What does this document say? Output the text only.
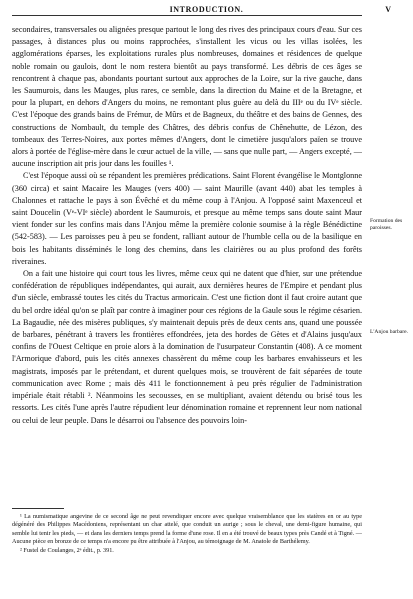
INTRODUCTION.	V

secondaires, transversales ou alignées presque partout le long des rives des principaux cours d'eau. Sur ces passages, à distances plus ou moins rapprochées, s'installent les vicus ou les villas isolées, les agglomérations éparses, les exploitations rurales plus nombreuses, domaines et résidences de quelque noble romain ou gaulois, dont le nom restera bientôt au pays transformé. Les débris de ces âges se rencontrent à chaque pas, abondants pourtant surtout aux approches de la Loire, sur la rive gauche, dans les Saumurois, dans les Mauges, plus rares, ce semble, dans la direction du Maine et de la Bretagne, et pour la plupart, en dehors d'Angers du moins, ne remontant plus guère au delà du IIIᵉ ou du IVᵉ siècle. C'est l'époque des grands bains de Frémur, de Mûrs et de Bagneux, du théâtre et des bains de Gennes, des constructions de Nombault, du temple des Châtres, des débris confus de Chênehutte, de Lézon, des tombeaux des Terres-Noires, aux portes mêmes d'Angers, dont le cimetière jusqu'alors païen se trouve alors à portée de l'église-mère dans le cœur actuel de la ville, — sans que nulle part, — Angers excepté, — aucune inscription ait pris jour dans les fouilles ¹.

C'est l'époque aussi où se répandent les premières prédications. Saint Florent évangélise le Montglonne (360 circa) et saint Macaire les Mauges (vers 400) — saint Maurille (avant 440) abat les temples à Chalonnes et rattache le pays à son Évêché et du même coup à l'Anjou. A l'opposé saint Maxenceul et saint Doucelin (Vᵉ-VIᵉ siècle) abordent le Saumurois, et presque au même temps sans doute saint Maur vient fonder sur les confins mais dans l'Anjou même la première colonie soumise à la règle Bénédictine (542-583). — Les paroisses peu à peu se fondent, ralliant autour de l'humble cella ou de la basilique en bois les habitants disséminés le long des chemins, dans les clairières ou au plus profond des forêts riveraines.

On a fait une histoire qui court tous les livres, même ceux qui ne datent que d'hier, sur une prétendue confédération de républiques indépendantes, qui aurait, aux dernières heures de l'Empire et pendant plus d'un siècle, embrassé toutes les cités du Tractus armoricain. C'est une fiction dont il faut croire autant que du bel ordre idéal qu'on se plaît par contre à imaginer pour ces régions de la Gaule sous le régime césarien. La Bagaudie, née des misères publiques, s'y maintenait depuis près de deux cents ans, quand une poussée de barbares, pénétrant à travers les frontières effondrées, jeta des hordes de Gètes et d'Alains jusqu'aux confins de l'Ouest Celtique en proie alors à la domination de l'usurpateur Constantin (408). A ce moment l'Armorique d'abord, puis les cités annexes chassèrent du même coup les barbares envahisseurs et les magistrats, imposés par le prétendant, et durent quelques mois, se trouvèrent de fait séparées de toute communication avec Rome ; mais dès 411 le fonctionnement à peu près régulier de l'administration impériale était rétabli ². Néanmoins les secousses, en se multipliant, avaient détendu ou brisé tous les ressorts. Les cités l'une après l'autre répudient leur dénomination romaine et reprennent leur nom national ou celui de leur peuple. Dans le désarroi ou l'absence des pouvoirs loin-

Formation des paroisses.
L'Anjou barbare.

¹ La numismatique angevine de ce second âge ne peut revendiquer encore avec quelque vraisemblance que les statères en or au type dégénéré des Philippes Macédoniens, représentant un char attelé, que conduit un aurige ; sous le cheval, une demi-figure humaine, qui semble lui tenir les pieds, — et dans les derniers temps prend la forme d'une rose. Il en a été trouvé de beaux types près Candé et à Tigné. — Aucune pièce en bronze de ce temps n'a encore pu être attribuée à l'Anjou, au témoignage de M. Anatole de Barthélemy.

² Fustel de Coulanges, 2ᵉ édit., p. 391.
